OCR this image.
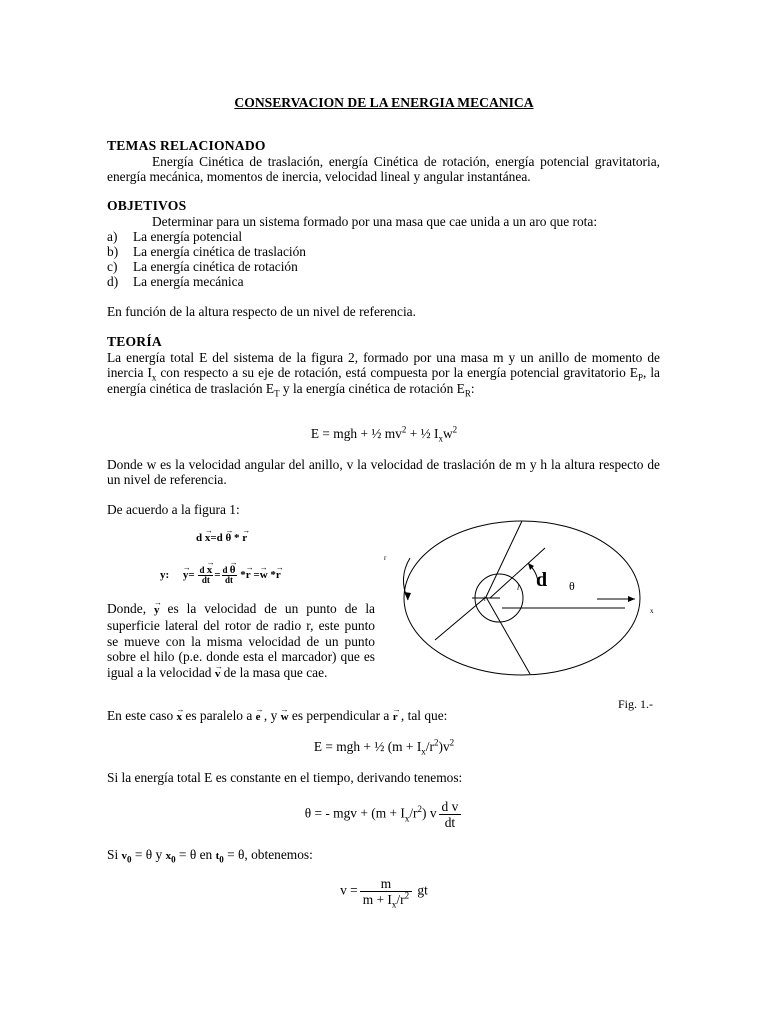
CONSERVACION DE LA ENERGIA MECANICA
TEMAS RELACIONADO
Energía Cinética de traslación, energía Cinética de rotación, energía potencial gravitatoria, energía mecánica, momentos de inercia, velocidad lineal y angular instantánea.
OBJETIVOS
Determinar para un sistema formado por una masa que cae unida a un aro que rota:
a) La energía potencial
b) La energía cinética de traslación
c) La energía cinética de rotación
d) La energía mecánica
En función de la altura respecto de un nivel de referencia.
TEORÍA
La energía total E del sistema de la figura 2, formado por una masa m y un anillo de momento de inercia $I_x$ con respecto a su eje de rotación, está compuesta por la energía potencial gravitatorio $E_P$, la energía cinética de traslación $E_T$ y la energía cinética de rotación $E_R$:
E = mgh + ½ $mv^2$ + ½ $I_xw^2$
Donde w es la velocidad angular del anillo, v la velocidad de traslación de m y h la altura respecto de un nivel de referencia.
De acuerdo a la figura 1:
d → x=d → θ * → r
y: → $y= \frac{d \to x}{dt} = \frac{d \to \theta}{dt} *\to r =\to w *\to r$
Donde, → y es la velocidad de un punto de la superficie lateral del rotor de radio r, este punto se mueve con la misma velocidad de un punto sobre el hilo (p.e. donde esta el marcador) que es igual a la velocidad → v de la masa que cae.
r
d θ
l
l
x
Fig. 1.-
En este caso → x es paralelo a → e , y → w es perpendicular a → r , tal que:
E = mgh + ½ $(m + I_x/r^2)v^2$
Si la energía total E es constante en el tiempo, derivando tenemos:
θ = - mgv + $(m + I_x/r^2)$ v $\frac{\text{d v}}{dt}$
Si $v_0 = \theta$ y $x_0 = \theta$ en $t_0 = \theta$, obtenemos:
$v = \frac{m}{m + I_x/r^2}$ gt
